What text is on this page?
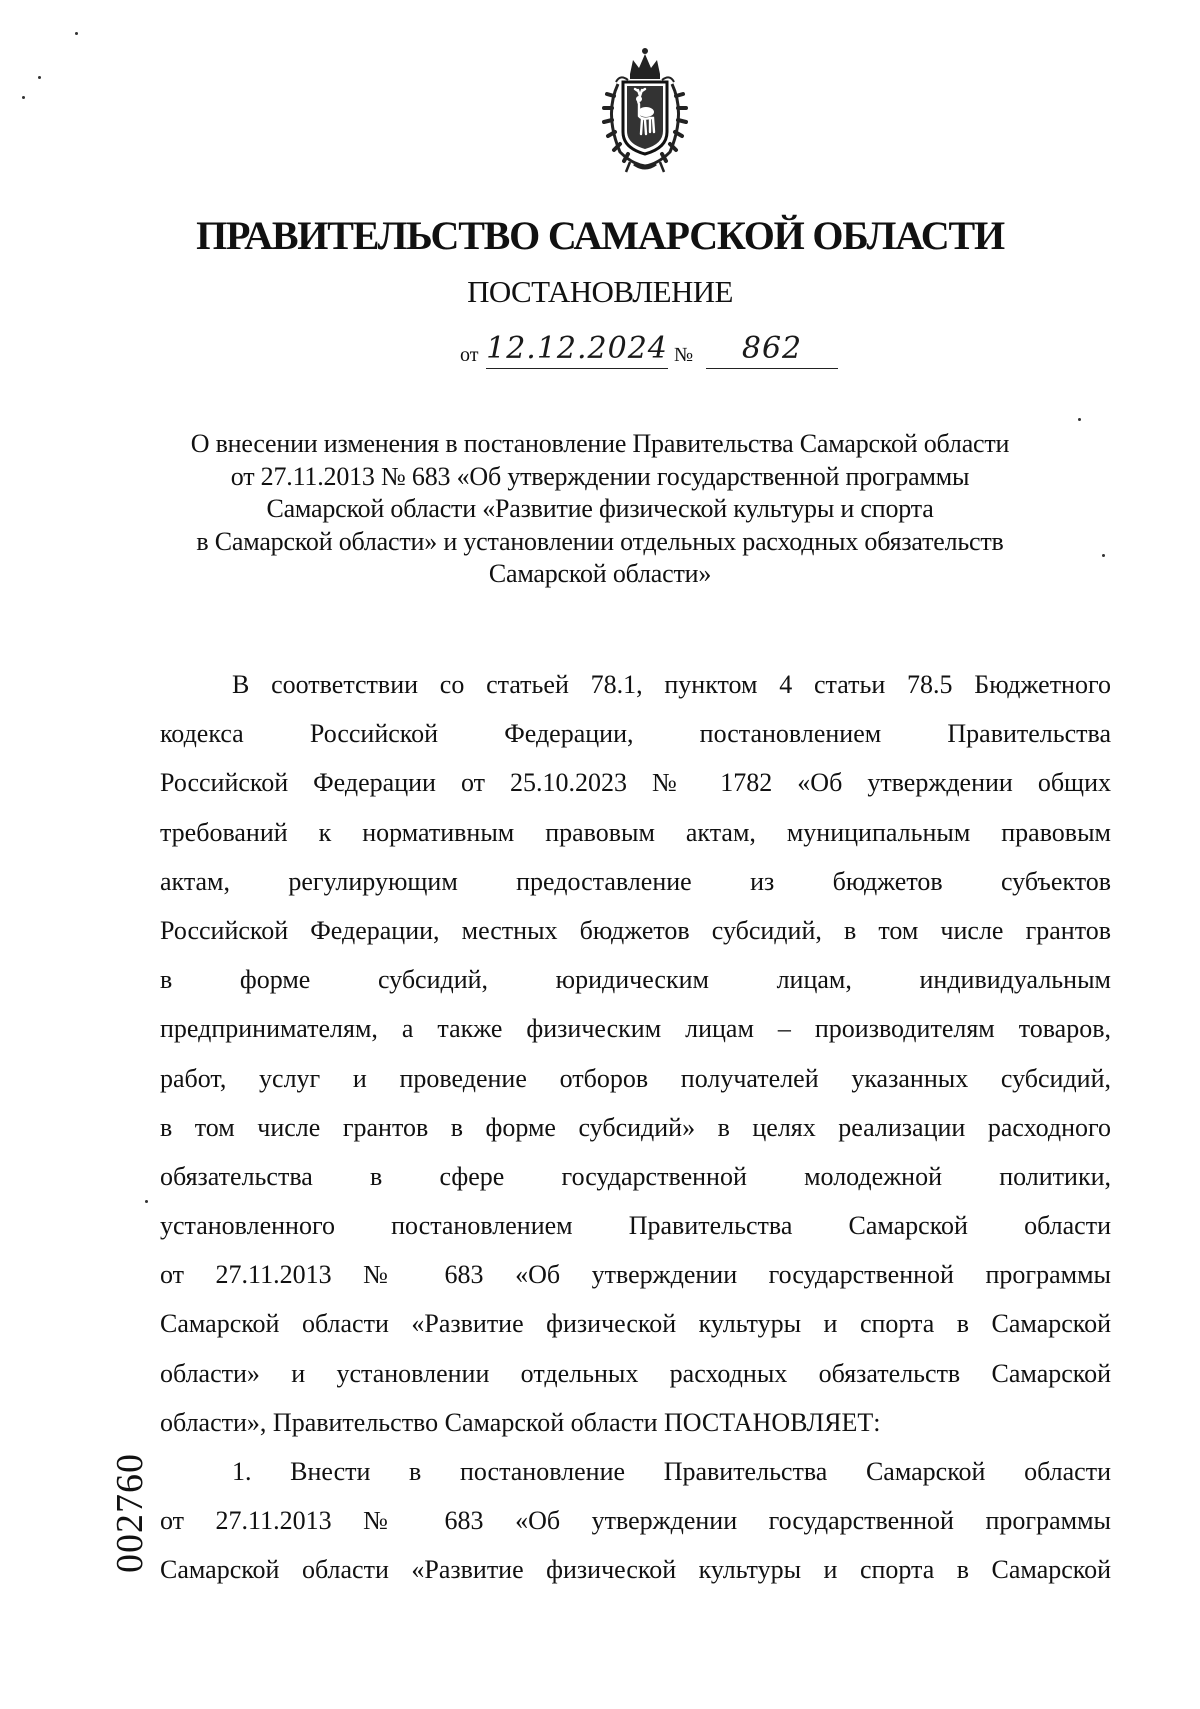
ПРАВИТЕЛЬСТВО САМАРСКОЙ ОБЛАСТИ
ПОСТАНОВЛЕНИЕ
от 12.12.2024 №	862
О внесении изменения в постановление Правительства Самарской области
от 27.11.2013 № 683 «Об утверждении государственной программы
Самарской области «Развитие физической культуры и спорта
в Самарской области» и установлении отдельных расходных обязательств
Самарской области»
В соответствии со статьей 78.1, пунктом 4 статьи 78.5 Бюджетного
кодекса Российской Федерации, постановлением Правительства
Российской Федерации от 25.10.2023 № 1782 «Об утверждении общих
требований к нормативным правовым актам, муниципальным правовым
актам, регулирующим предоставление из бюджетов субъектов
Российской Федерации, местных бюджетов субсидий, в том числе грантов
в форме субсидий, юридическим лицам, индивидуальным
предпринимателям, а также физическим лицам – производителям товаров,
работ, услуг и проведение отборов получателей указанных субсидий,
в том числе грантов в форме субсидий» в целях реализации расходного
обязательства в сфере государственной молодежной политики,
установленного постановлением Правительства Самарской области
от 27.11.2013 № 683 «Об утверждении государственной программы
Самарской области «Развитие физической культуры и спорта в Самарской
области» и установлении отдельных расходных обязательств Самарской
области», Правительство Самарской области ПОСТАНОВЛЯЕТ:
1. Внести в постановление Правительства Самарской области
от 27.11.2013 № 683 «Об утверждении государственной программы
Самарской области «Развитие физической культуры и спорта в Самарской
002760
